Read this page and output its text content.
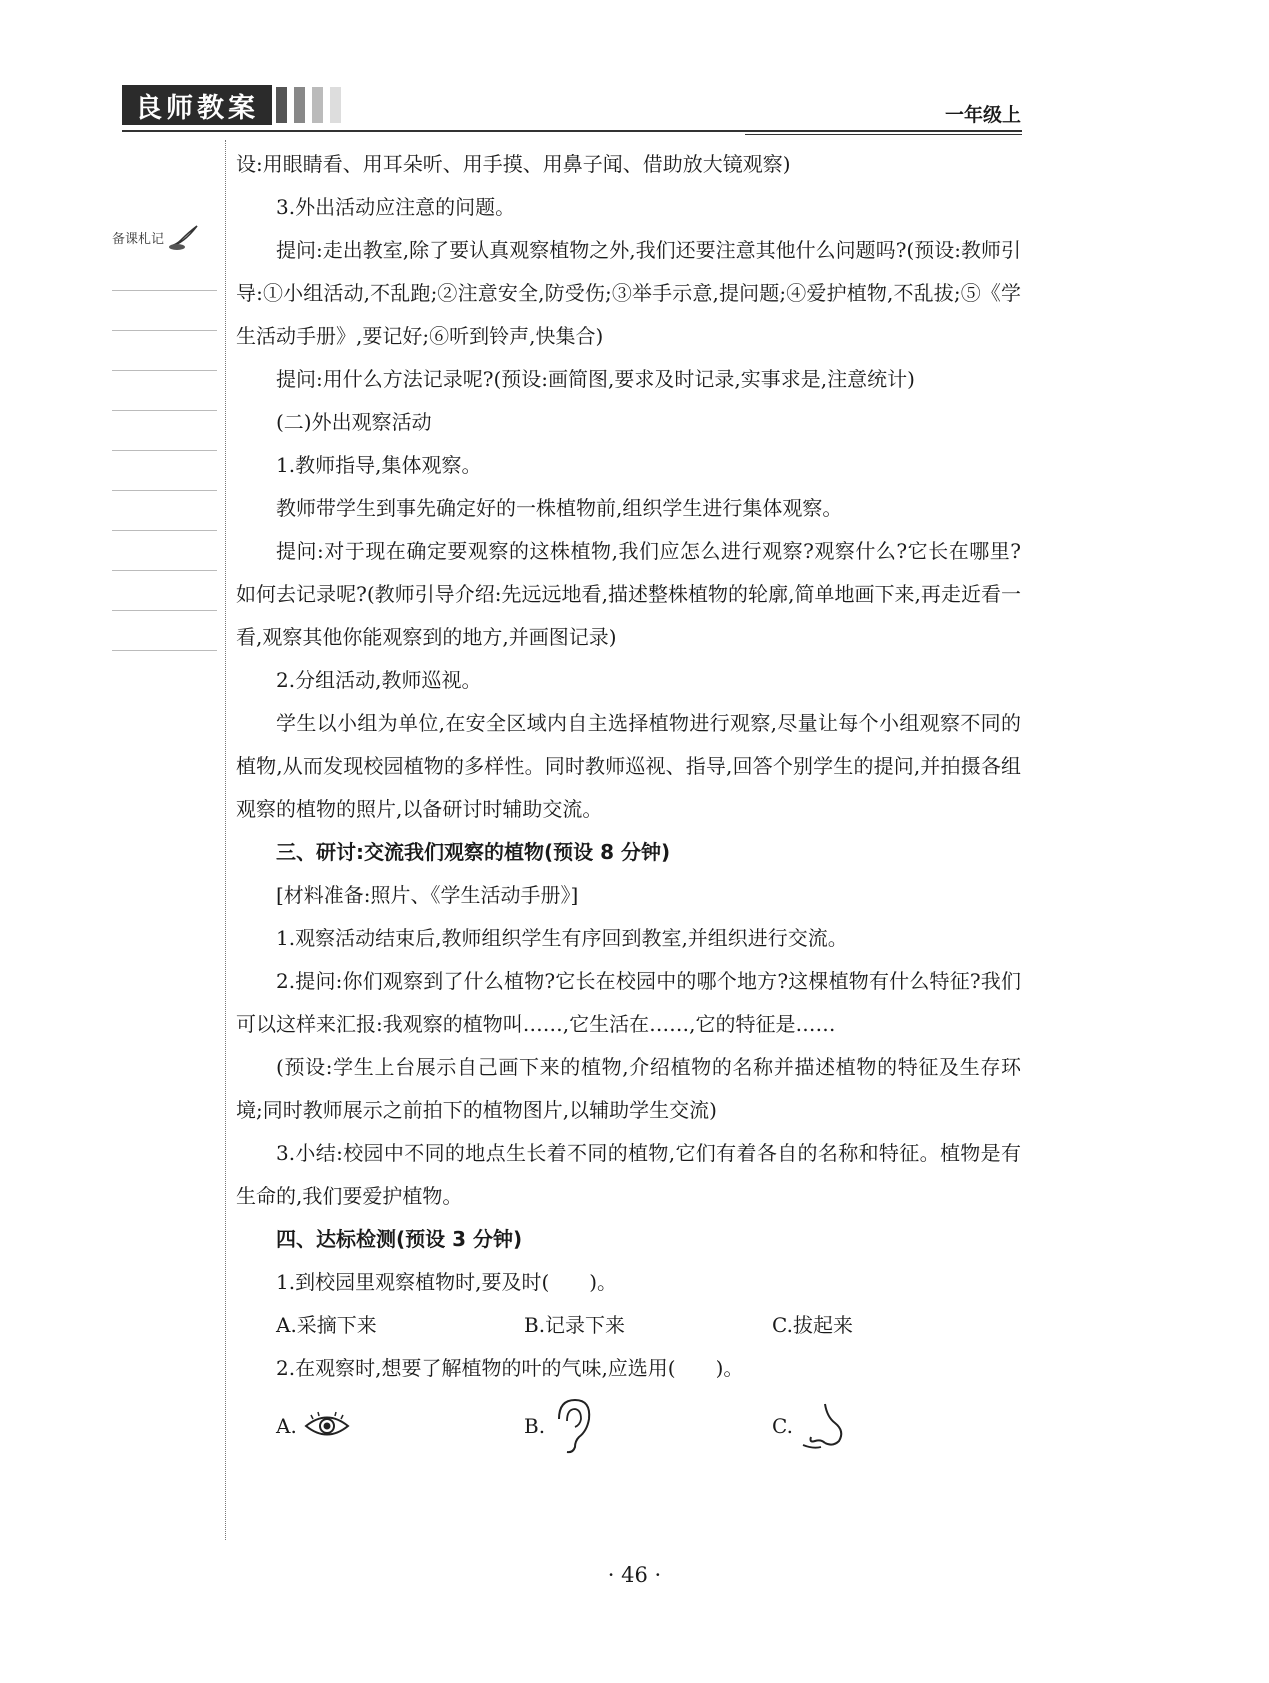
良师教案	一年级上
备课札记

设:用眼睛看、用耳朵听、用手摸、用鼻子闻、借助放大镜观察)

3.外出活动应注意的问题。

提问:走出教室,除了要认真观察植物之外,我们还要注意其他什么问题吗?(预设:教师引导:①小组活动,不乱跑;②注意安全,防受伤;③举手示意,提问题;④爱护植物,不乱拔;⑤《学生活动手册》,要记好;⑥听到铃声,快集合)

提问:用什么方法记录呢?(预设:画简图,要求及时记录,实事求是,注意统计)

(二)外出观察活动

1.教师指导,集体观察。

教师带学生到事先确定好的一株植物前,组织学生进行集体观察。

提问:对于现在确定要观察的这株植物,我们应怎么进行观察?观察什么?它长在哪里?如何去记录呢?(教师引导介绍:先远远地看,描述整株植物的轮廓,简单地画下来,再走近看一看,观察其他你能观察到的地方,并画图记录)

2.分组活动,教师巡视。

学生以小组为单位,在安全区域内自主选择植物进行观察,尽量让每个小组观察不同的植物,从而发现校园植物的多样性。同时教师巡视、指导,回答个别学生的提问,并拍摄各组观察的植物的照片,以备研讨时辅助交流。

三、研讨:交流我们观察的植物(预设 8 分钟)

[材料准备:照片、《学生活动手册》]

1.观察活动结束后,教师组织学生有序回到教室,并组织进行交流。

2.提问:你们观察到了什么植物?它长在校园中的哪个地方?这棵植物有什么特征?我们可以这样来汇报:我观察的植物叫……,它生活在……,它的特征是……

(预设:学生上台展示自己画下来的植物,介绍植物的名称并描述植物的特征及生存环境;同时教师展示之前拍下的植物图片,以辅助学生交流)

3.小结:校园中不同的地点生长着不同的植物,它们有着各自的名称和特征。植物是有生命的,我们要爱护植物。

四、达标检测(预设 3 分钟)

1.到校园里观察植物时,要及时(　　)。

A.采摘下来	B.记录下来	C.拔起来

2.在观察时,想要了解植物的叶的气味,应选用(　　)。

A.	B.	C.
· 46 ·
